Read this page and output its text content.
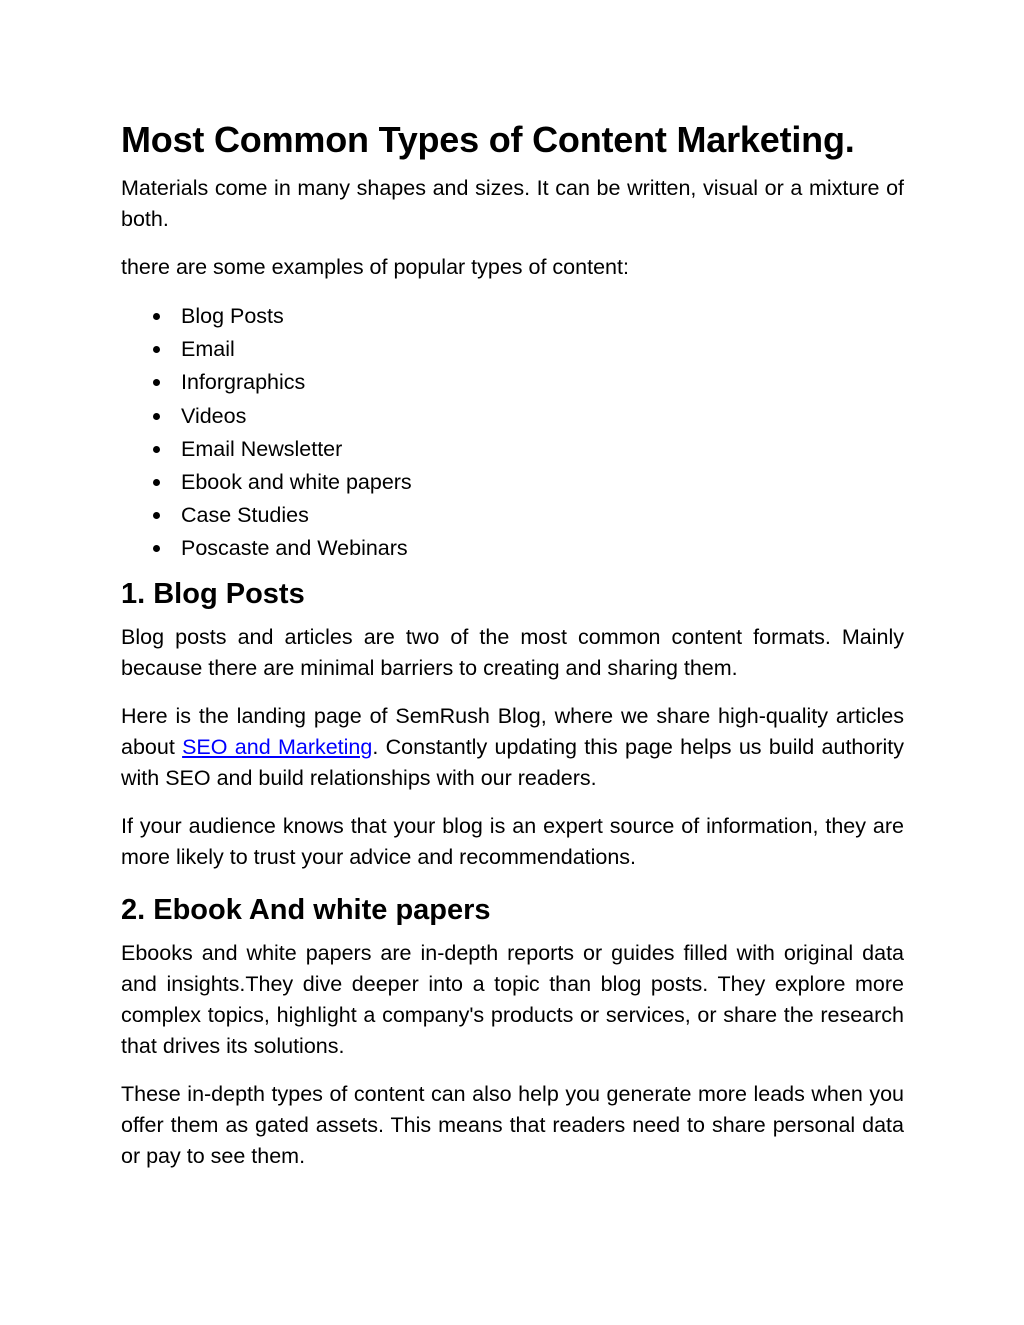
Most Common Types of Content Marketing.

Materials come in many shapes and sizes. It can be written, visual or a mixture of both.

there are some examples of popular types of content:

Blog Posts
Email
Inforgraphics
Videos
Email Newsletter
Ebook and white papers
Case Studies
Poscaste and Webinars
1. Blog Posts

Blog posts and articles are two of the most common content formats. Mainly because there are minimal barriers to creating and sharing them.

Here is the landing page of SemRush Blog, where we share high-quality articles about SEO and Marketing. Constantly updating this page helps us build authority with SEO and build relationships with our readers.

If your audience knows that your blog is an expert source of information, they are more likely to trust your advice and recommendations.

2. Ebook And white papers

Ebooks and white papers are in-depth reports or guides filled with original data and insights.They dive deeper into a topic than blog posts. They explore more complex topics, highlight a company's products or services, or share the research that drives its solutions.

These in-depth types of content can also help you generate more leads when you offer them as gated assets. This means that readers need to share personal data or pay to see them.
